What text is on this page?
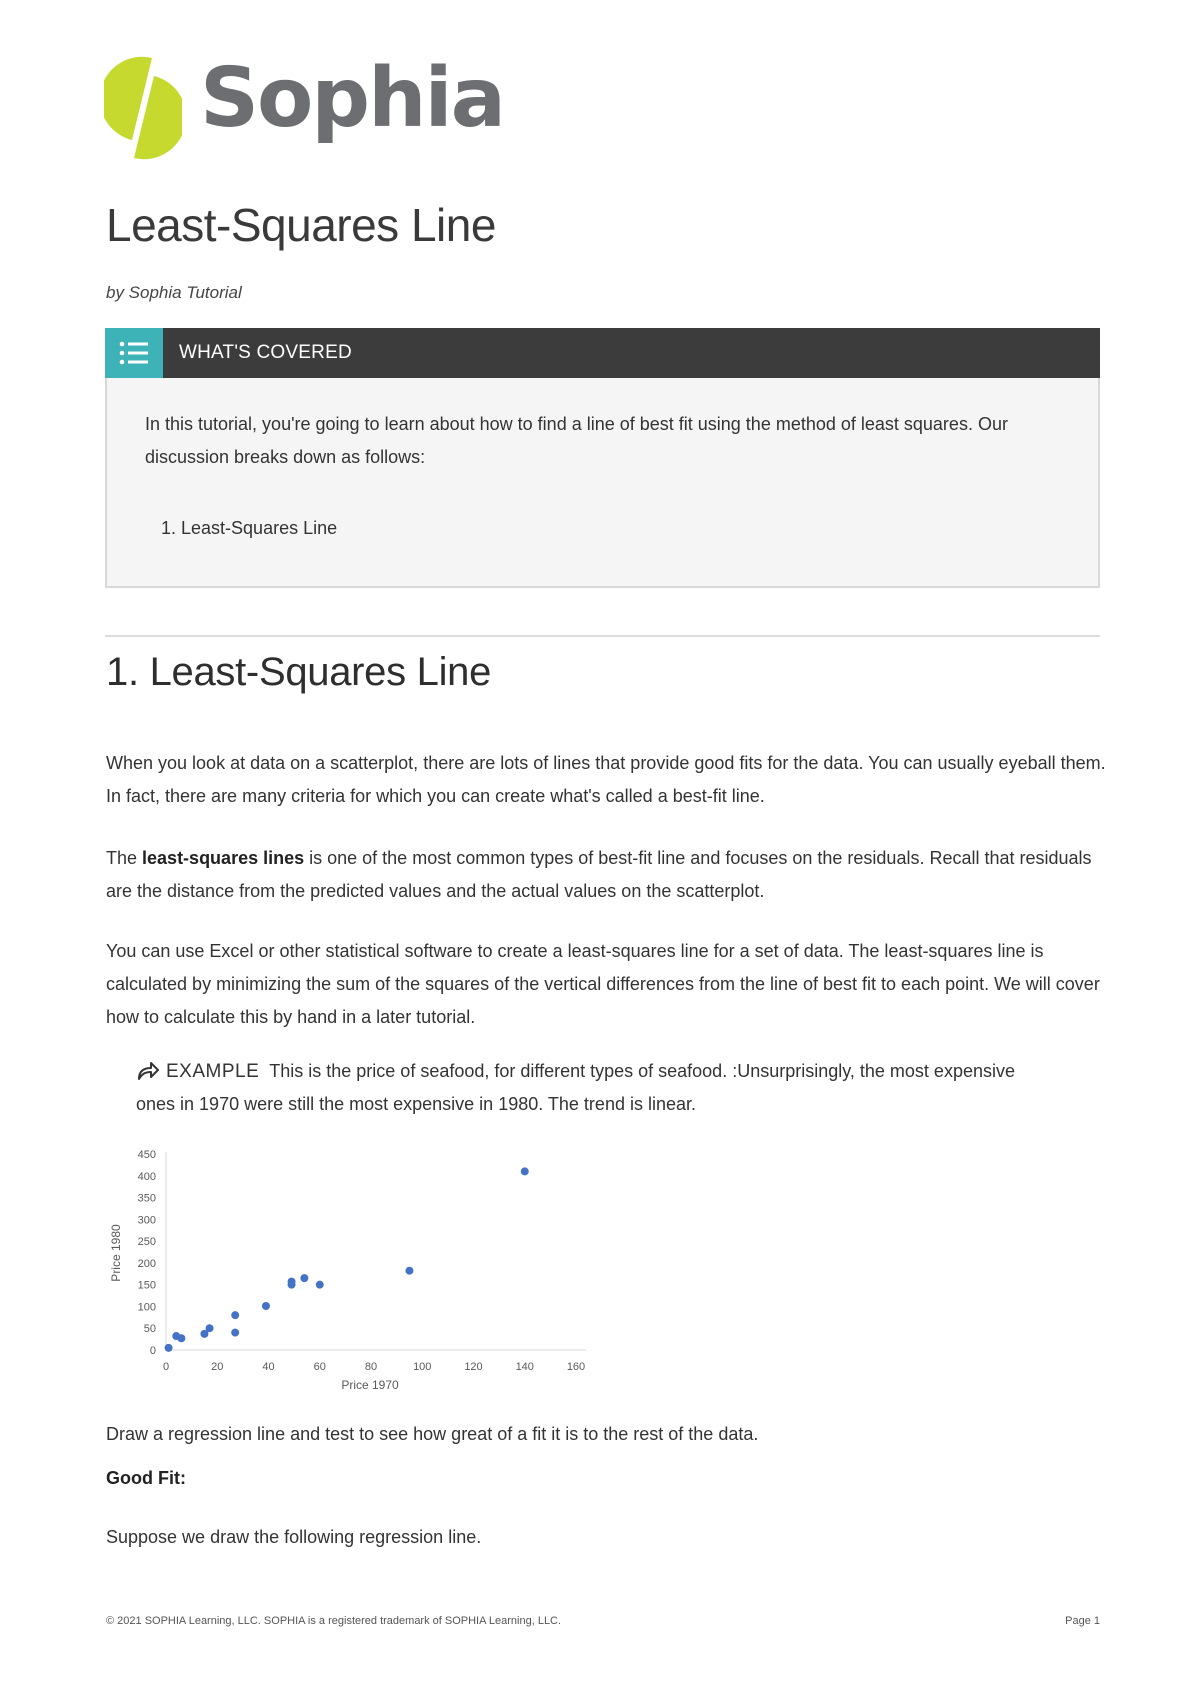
Sophia
Least-Squares Line
by Sophia Tutorial
WHAT'S COVERED
In this tutorial, you're going to learn about how to find a line of best fit using the method of least squares. Our discussion breaks down as follows:
1. Least-Squares Line
1. Least-Squares Line

When you look at data on a scatterplot, there are lots of lines that provide good fits for the data. You can usually eyeball them. In fact, there are many criteria for which you can create what's called a best-fit line.

The least-squares lines is one of the most common types of best-fit line and focuses on the residuals. Recall that residuals are the distance from the predicted values and the actual values on the scatterplot.

You can use Excel or other statistical software to create a least-squares line for a set of data. The least-squares line is calculated by minimizing the sum of the squares of the vertical differences from the line of best fit to each point. We will cover how to calculate this by hand in a later tutorial.

EXAMPLE This is the price of seafood, for different types of seafood. :Unsurprisingly, the most expensive ones in 1970 were still the most expensive in 1980. The trend is linear.
0
50
100
150
200
250
300
350
400
450
0	20	40	60	80	100	120	140	160
Price 1970
Price 1980

Draw a regression line and test to see how great of a fit it is to the rest of the data.

Good Fit:

Suppose we draw the following regression line.

© 2021 SOPHIA Learning, LLC. SOPHIA is a registered trademark of SOPHIA Learning, LLC.	Page 1
